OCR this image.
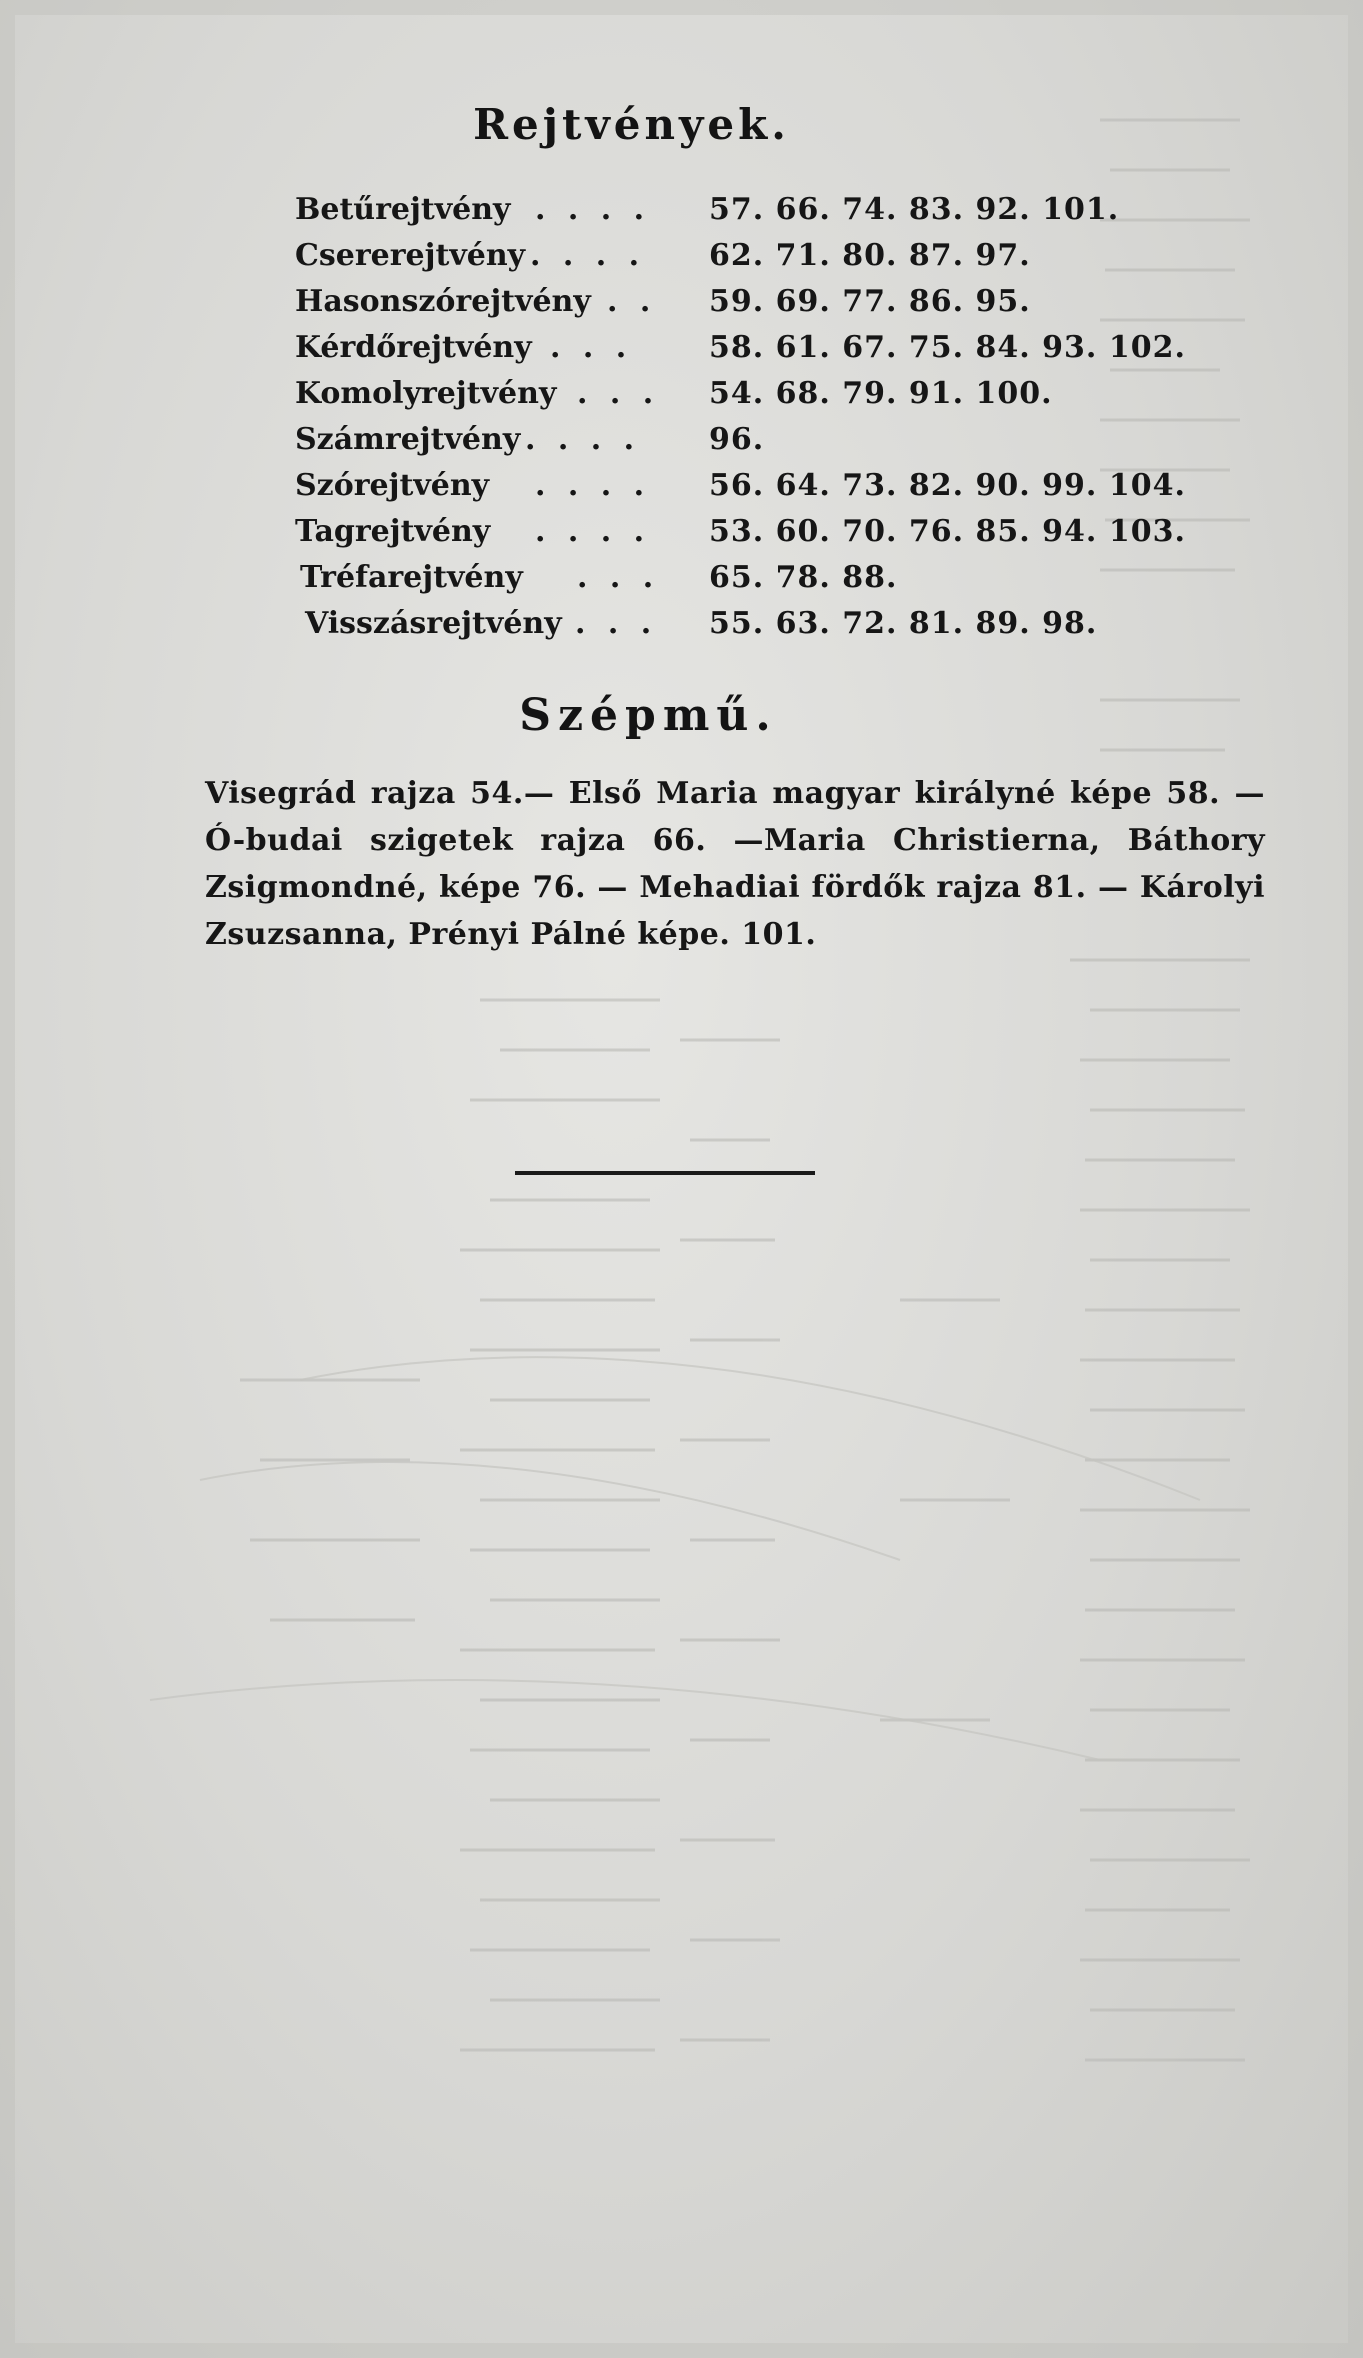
Rejtvények.
Betűrejtvény . . . . 57. 66. 74. 83. 92. 101.
Csererejtvény . . . . 62. 71. 80. 87. 97.
Hasonszórejtvény . . 59. 69. 77. 86. 95.
Kérdőrejtvény . . .	58. 61. 67. 75. 84. 93. 102.
Komolyrejtvény . . . 54. 68. 79. 91. 100.
Számrejtvény . . . . 96.
Szórejtvény . . . . 56. 64. 73. 82. 90. 99. 104.
Tagrejtvény . . . . 53. 60. 70. 76. 85. 94. 103.
Tréfarejtvény . . . 65. 78. 88.
Visszásrejtvény . . . 55. 63. 72. 81. 89. 98.
Szépmű.
Visegrád rajza 54.— Első Maria magyar királyné képe 58. — Ó-budai szigetek rajza 66. —Maria Christierna, Báthory Zsigmondné, képe 76. — Mehadiai fördők rajza 81. — Károlyi Zsuzsanna, Prényi Pálné képe. 101.
